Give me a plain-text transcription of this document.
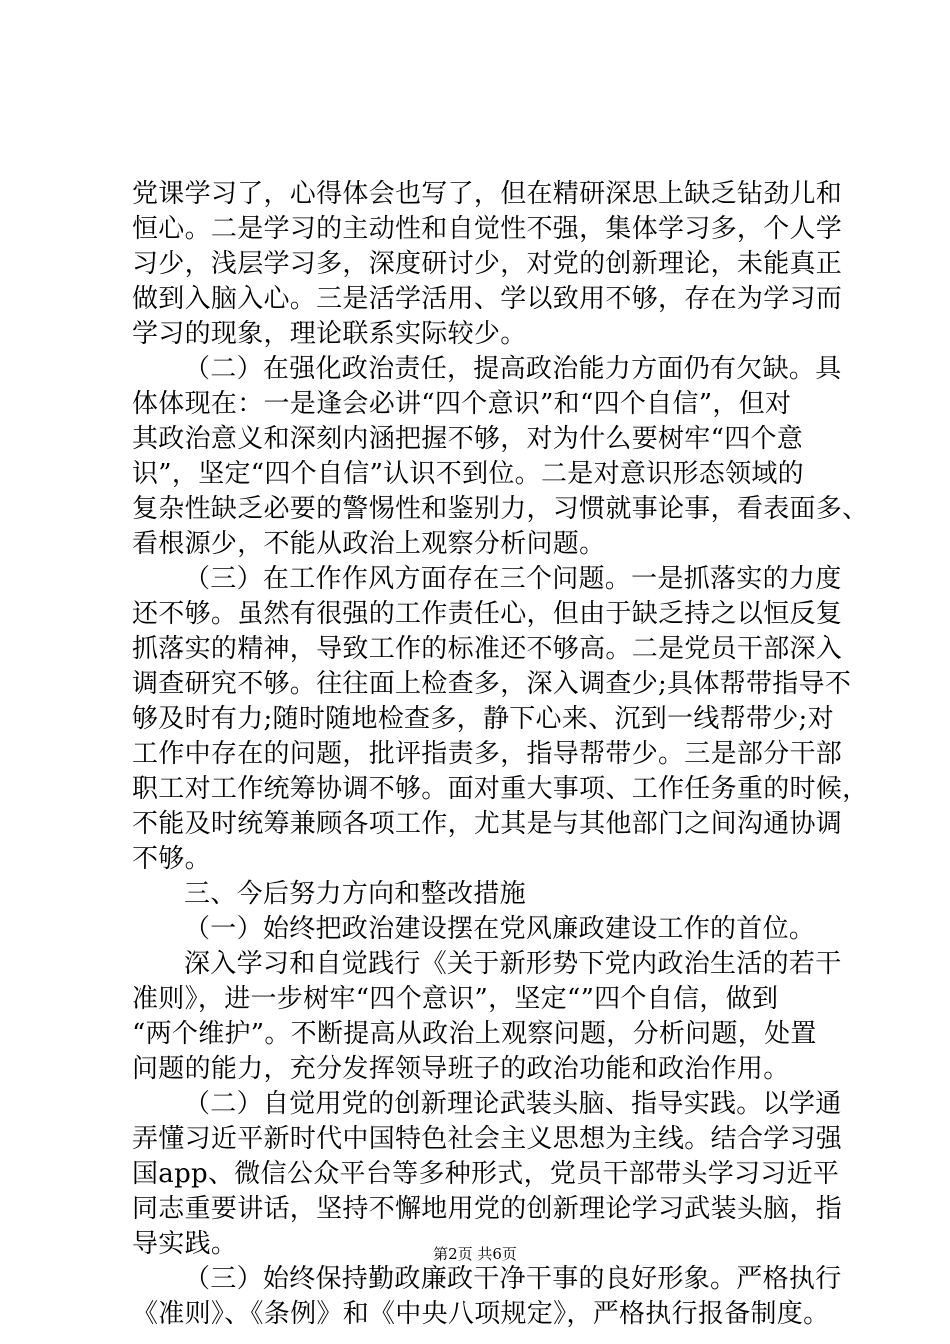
党课学习了，心得体会也写了，但在精研深思上缺乏钻劲儿和
恒心。二是学习的主动性和自觉性不强，集体学习多，个人学
习少，浅层学习多，深度研讨少，对党的创新理论，未能真正
做到入脑入心。三是活学活用、学以致用不够，存在为学习而
学习的现象，理论联系实际较少。
（二）在强化政治责任，提高政治能力方面仍有欠缺。具
体体现在：一是逢会必讲“四个意识”和“四个自信”，但对
其政治意义和深刻内涵把握不够，对为什么要树牢“四个意
识”，坚定“四个自信”认识不到位。二是对意识形态领域的
复杂性缺乏必要的警惕性和鉴别力，习惯就事论事，看表面多、
看根源少，不能从政治上观察分析问题。
（三）在工作作风方面存在三个问题。一是抓落实的力度
还不够。虽然有很强的工作责任心，但由于缺乏持之以恒反复
抓落实的精神，导致工作的标准还不够高。二是党员干部深入
调查研究不够。往往面上检查多，深入调查少;具体帮带指导不
够及时有力;随时随地检查多，静下心来、沉到一线帮带少;对
工作中存在的问题，批评指责多，指导帮带少。三是部分干部
职工对工作统筹协调不够。面对重大事项、工作任务重的时候，
不能及时统筹兼顾各项工作，尤其是与其他部门之间沟通协调
不够。
三、今后努力方向和整改措施
（一）始终把政治建设摆在党风廉政建设工作的首位。
深入学习和自觉践行《关于新形势下党内政治生活的若干
准则》，进一步树牢“四个意识”，坚定“”四个自信，做到
“两个维护”。不断提高从政治上观察问题，分析问题，处置
问题的能力，充分发挥领导班子的政治功能和政治作用。
（二）自觉用党的创新理论武装头脑、指导实践。以学通
弄懂习近平新时代中国特色社会主义思想为主线。结合学习强
国app、微信公众平台等多种形式，党员干部带头学习习近平
同志重要讲话，坚持不懈地用党的创新理论学习武装头脑，指
导实践。
（三）始终保持勤政廉政干净干事的良好形象。严格执行
《准则》、《条例》和《中央八项规定》，严格执行报备制度。
第2页 共6页
